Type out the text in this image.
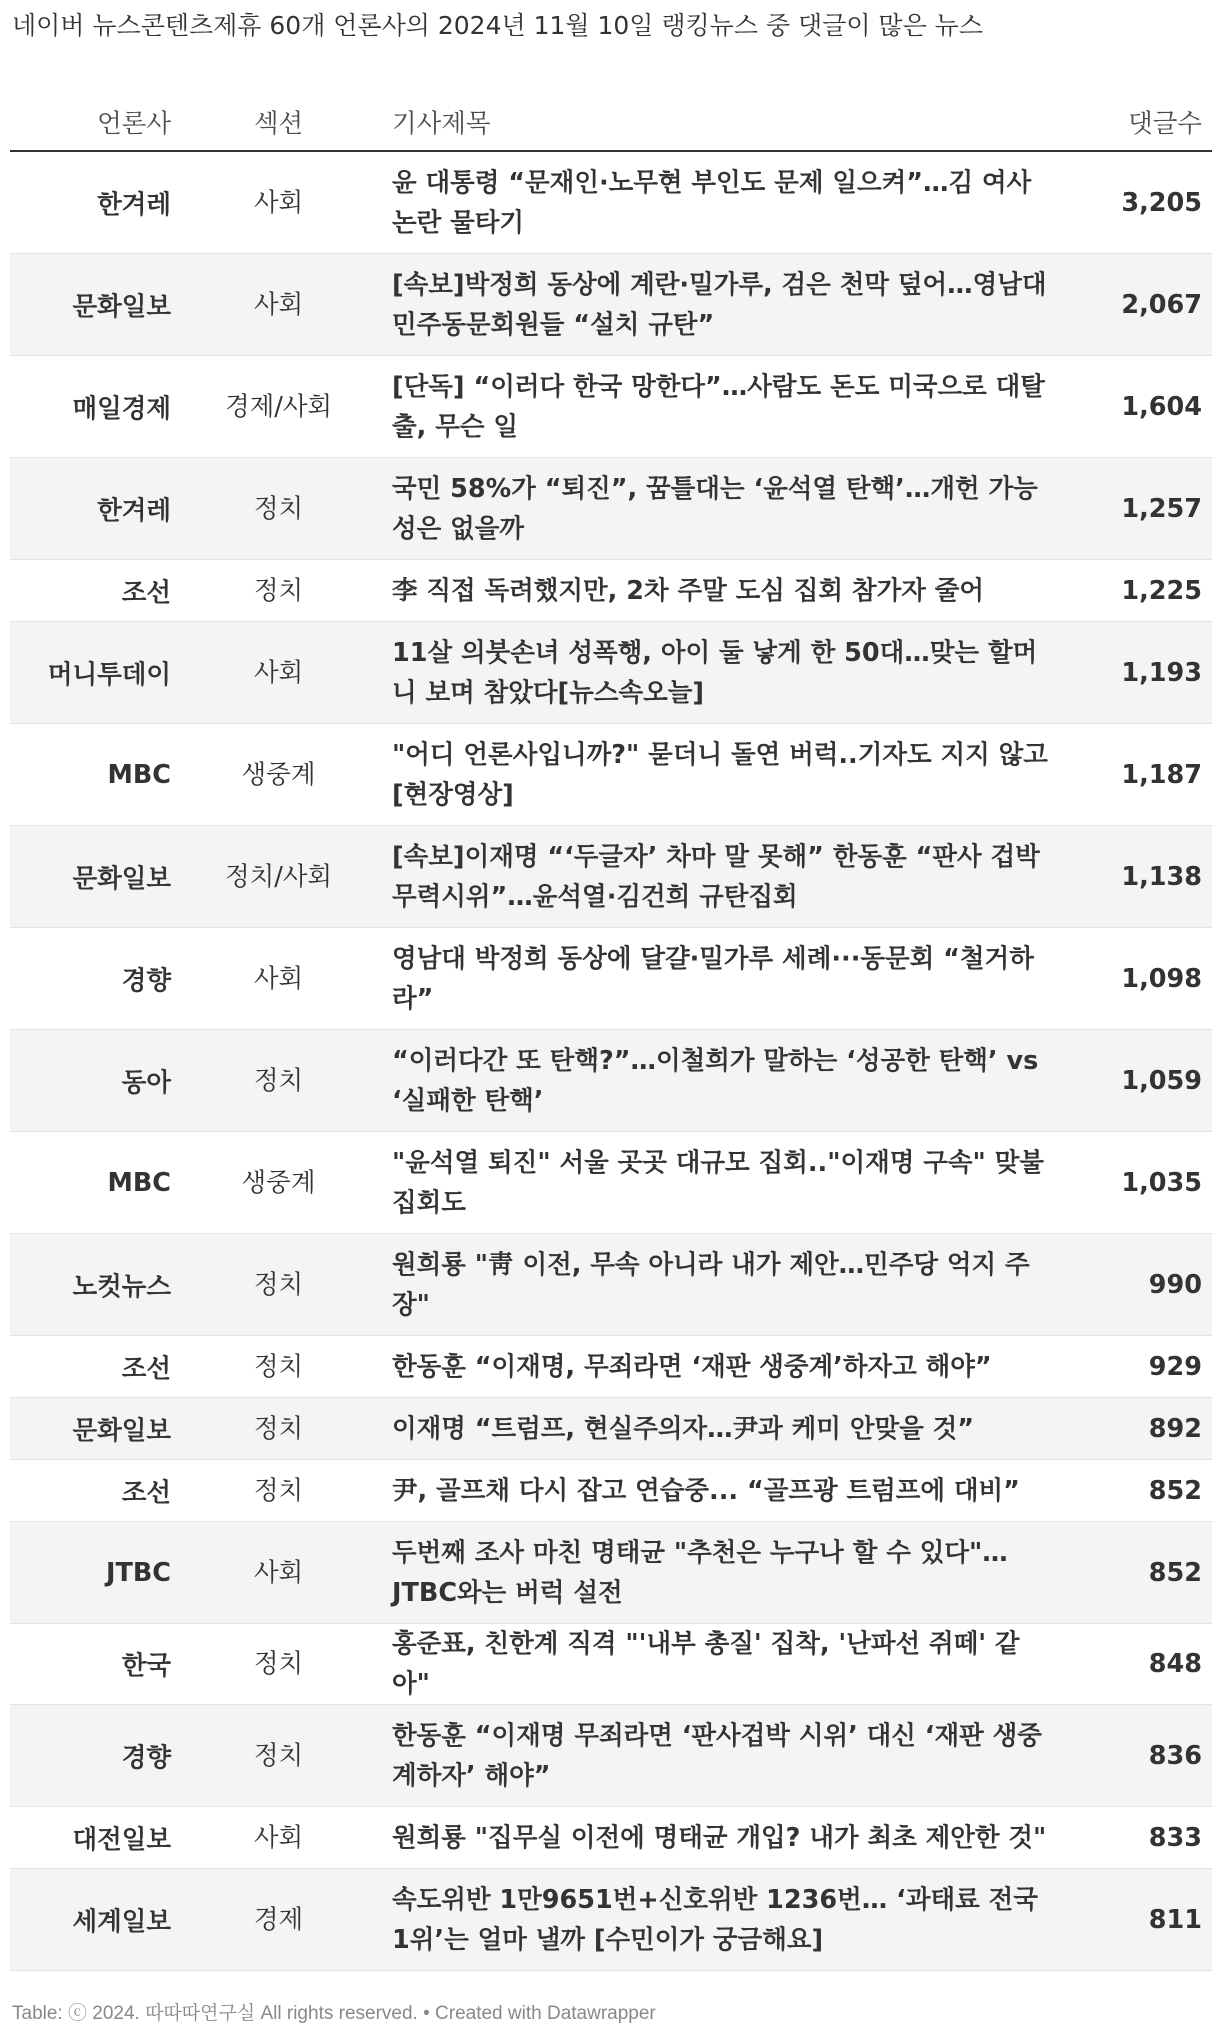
네이버 뉴스콘텐츠제휴 60개 언론사의 2024년 11월 10일 랭킹뉴스 중 댓글이 많은 뉴스
언론사	섹션	기사제목	댓글수
한겨레	사회	윤 대통령 “문재인·노무현 부인도 문제 일으켜”…김 여사 논란 물타기	3,205
문화일보	사회	[속보]박정희 동상에 계란·밀가루, 검은 천막 덮어…영남대 민주동문회원들 “설치 규탄”	2,067
매일경제	경제/사회	[단독] “이러다 한국 망한다”…사람도 돈도 미국으로 대탈출, 무슨 일	1,604
한겨레	정치	국민 58%가 “퇴진”, 꿈틀대는 ‘윤석열 탄핵’…개헌 가능성은 없을까	1,257
조선	정치	李 직접 독려했지만, 2차 주말 도심 집회 참가자 줄어	1,225
머니투데이	사회	11살 의붓손녀 성폭행, 아이 둘 낳게 한 50대…맞는 할머니 보며 참았다[뉴스속오늘]	1,193
MBC	생중계	"어디 언론사입니까?" 묻더니 돌연 버럭..기자도 지지 않고 [현장영상]	1,187
문화일보	정치/사회	[속보]이재명 “‘두글자’ 차마 말 못해” 한동훈 “판사 겁박 무력시위”…윤석열·김건희 규탄집회	1,138
경향	사회	영남대 박정희 동상에 달걀·밀가루 세례···동문회 “철거하라”	1,098
동아	정치	“이러다간 또 탄핵?”…이철희가 말하는 ‘성공한 탄핵’ vs ‘실패한 탄핵’	1,059
MBC	생중계	"윤석열 퇴진" 서울 곳곳 대규모 집회.."이재명 구속" 맞불 집회도	1,035
노컷뉴스	정치	원희룡 "靑 이전, 무속 아니라 내가 제안…민주당 억지 주장"	990
조선	정치	한동훈 “이재명, 무죄라면 ‘재판 생중계’하자고 해야”	929
문화일보	정치	이재명 “트럼프, 현실주의자…尹과 케미 안맞을 것”	892
조선	정치	尹, 골프채 다시 잡고 연습중... “골프광 트럼프에 대비”	852
JTBC	사회	두번째 조사 마친 명태균 "추천은 누구나 할 수 있다"…JTBC와는 버럭 설전	852
한국	정치	홍준표, 친한계 직격 "'내부 총질' 집착, '난파선 쥐떼' 같아"	848
경향	정치	한동훈 “이재명 무죄라면 ‘판사겁박 시위’ 대신 ‘재판 생중계하자’ 해야”	836
대전일보	사회	원희룡 "집무실 이전에 명태균 개입? 내가 최초 제안한 것"	833
세계일보	경제	속도위반 1만9651번+신호위반 1236번… ‘과태료 전국 1위’는 얼마 낼까 [수민이가 궁금해요]	811
Table: ⓒ 2024. 따따따연구실 All rights reserved. • Created with Datawrapper
